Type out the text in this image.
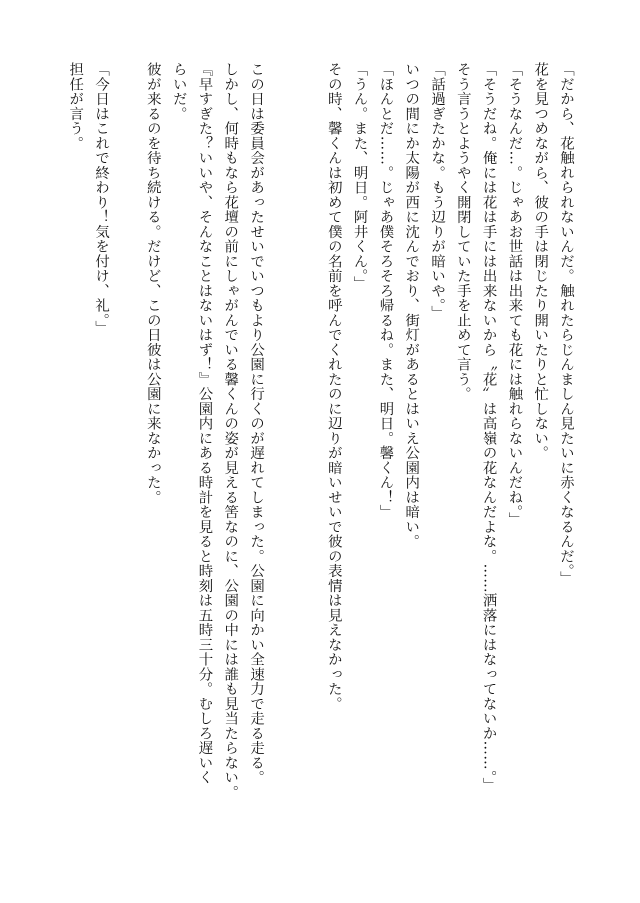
「だから、花触れられないんだ。触れたらじんましん見たいに赤くなるんだ。」
花を見つめながら、彼の手は閉じたり開いたりと忙しない。
「そうなんだ…。じゃあお世話は出来ても花には触れらないんだね。」
「そうだね。俺には花は手には出来ないから〝花〟は高嶺の花なんだよな。……洒落にはなってないか……。」
そう言うとようやく開閉していた手を止めて言う。
「話過ぎたかな。もう辺りが暗いや。」
いつの間にか太陽が西に沈んでおり、街灯があるとはいえ公園内は暗い。
「ほんとだ……。じゃあ僕そろそろ帰るね。また、明日。馨くん！」
「うん。また、明日。阿井くん。」
その時、馨くんは初めて僕の名前を呼んでくれたのに辺りが暗いせいで彼の表情は見えなかった。
この日は委員会があったせいでいつもより公園に行くのが遅れてしまった。公園に向かい全速力で走る走る。
しかし、何時もなら花壇の前にしゃがんでいる馨くんの姿が見える筈なのに、公園の中には誰も見当たらない。
『早すぎた？いいや、そんなことはないはず！』公園内にある時計を見ると時刻は五時三十分。むしろ遅いく
らいだ。
彼が来るのを待ち続ける。だけど、この日彼は公園に来なかった。
「今日はこれで終わり！気を付け、礼。」
担任が言う。
